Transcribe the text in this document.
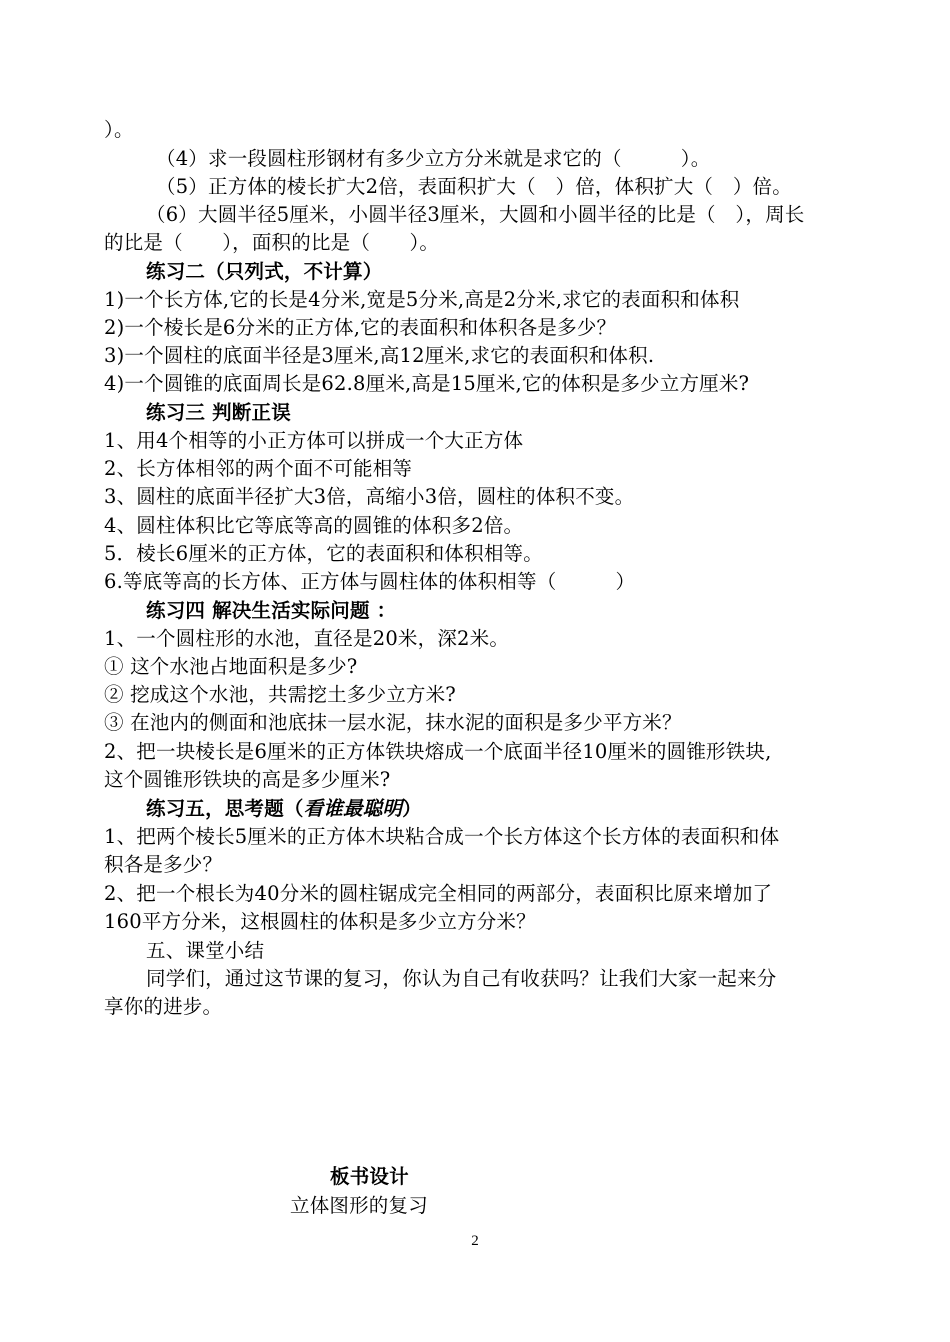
）。
（4）求一段圆柱形钢材有多少立方分米就是求它的（　　　）。
（5）正方体的棱长扩大2倍，表面积扩大（　）倍，体积扩大（　）倍。
（6）大圆半径5厘米，小圆半径3厘米，大圆和小圆半径的比是（　），周长
的比是（　　），面积的比是（　　）。
练习二（只列式，不计算）
1)一个长方体,它的长是4分米,宽是5分米,高是2分米,求它的表面积和体积
2)一个棱长是6分米的正方体,它的表面积和体积各是多少？
3)一个圆柱的底面半径是3厘米,高12厘米,求它的表面积和体积.
4)一个圆锥的底面周长是62.8厘米,高是15厘米,它的体积是多少立方厘米?
练习三 判断正误
1、用4个相等的小正方体可以拼成一个大正方体
2、长方体相邻的两个面不可能相等
3、圆柱的底面半径扩大3倍，高缩小3倍，圆柱的体积不变。
4、圆柱体积比它等底等高的圆锥的体积多2倍。
5．棱长6厘米的正方体，它的表面积和体积相等。
6.等底等高的长方体、正方体与圆柱体的体积相等（　　　）
练习四 解决生活实际问题 ：
1、一个圆柱形的水池，直径是20米，深2米。
① 这个水池占地面积是多少?
② 挖成这个水池，共需挖土多少立方米?
③ 在池内的侧面和池底抹一层水泥，抹水泥的面积是多少平方米？
2、把一块棱长是6厘米的正方体铁块熔成一个底面半径10厘米的圆锥形铁块,
这个圆锥形铁块的高是多少厘米?
练习五，思考题（看谁最聪明）
1、把两个棱长5厘米的正方体木块粘合成一个长方体这个长方体的表面积和体
积各是多少？
2、把一个根长为40分米的圆柱锯成完全相同的两部分，表面积比原来增加了
160平方分米，这根圆柱的体积是多少立方分米？
五、课堂小结
同学们，通过这节课的复习，你认为自己有收获吗？让我们大家一起来分
享你的进步。
板书设计
立体图形的复习
2
